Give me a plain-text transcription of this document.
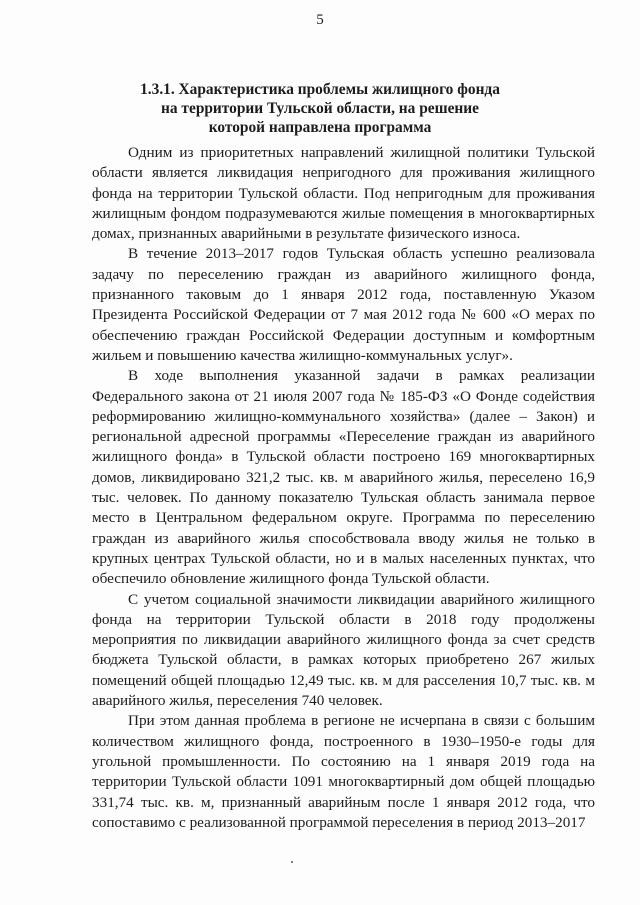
5
1.3.1. Характеристика проблемы жилищного фонда
на территории Тульской области, на решение
которой направлена программа

Одним из приоритетных направлений жилищной политики Тульской области является ликвидация непригодного для проживания жилищного фонда на территории Тульской области. Под непригодным для проживания жилищным фондом подразумеваются жилые помещения в многоквартирных домах, признанных аварийными в результате физического износа.

В течение 2013–2017 годов Тульская область успешно реализовала задачу по переселению граждан из аварийного жилищного фонда, признанного таковым до 1 января 2012 года, поставленную Указом Президента Российской Федерации от 7 мая 2012 года № 600 «О мерах по обеспечению граждан Российской Федерации доступным и комфортным жильем и повышению качества жилищно-коммунальных услуг».

В ходе выполнения указанной задачи в рамках реализации Федерального закона от 21 июля 2007 года № 185-ФЗ «О Фонде содействия реформированию жилищно-коммунального хозяйства» (далее – Закон) и региональной адресной программы «Переселение граждан из аварийного жилищного фонда» в Тульской области построено 169 многоквартирных домов, ликвидировано 321,2 тыс. кв. м аварийного жилья, переселено 16,9 тыс. человек. По данному показателю Тульская область занимала первое место в Центральном федеральном округе. Программа по переселению граждан из аварийного жилья способствовала вводу жилья не только в крупных центрах Тульской области, но и в малых населенных пунктах, что обеспечило обновление жилищного фонда Тульской области.

С учетом социальной значимости ликвидации аварийного жилищного фонда на территории Тульской области в 2018 году продолжены мероприятия по ликвидации аварийного жилищного фонда за счет средств бюджета Тульской области, в рамках которых приобретено 267 жилых помещений общей площадью 12,49 тыс. кв. м для расселения 10,7 тыс. кв. м аварийного жилья, переселения 740 человек.

При этом данная проблема в регионе не исчерпана в связи с большим количеством жилищного фонда, построенного в 1930–1950-е годы для угольной промышленности. По состоянию на 1 января 2019 года на территории Тульской области 1091 многоквартирный дом общей площадью 331,74 тыс. кв. м, признанный аварийным после 1 января 2012 года, что сопоставимо с реализованной программой переселения в период 2013–2017
